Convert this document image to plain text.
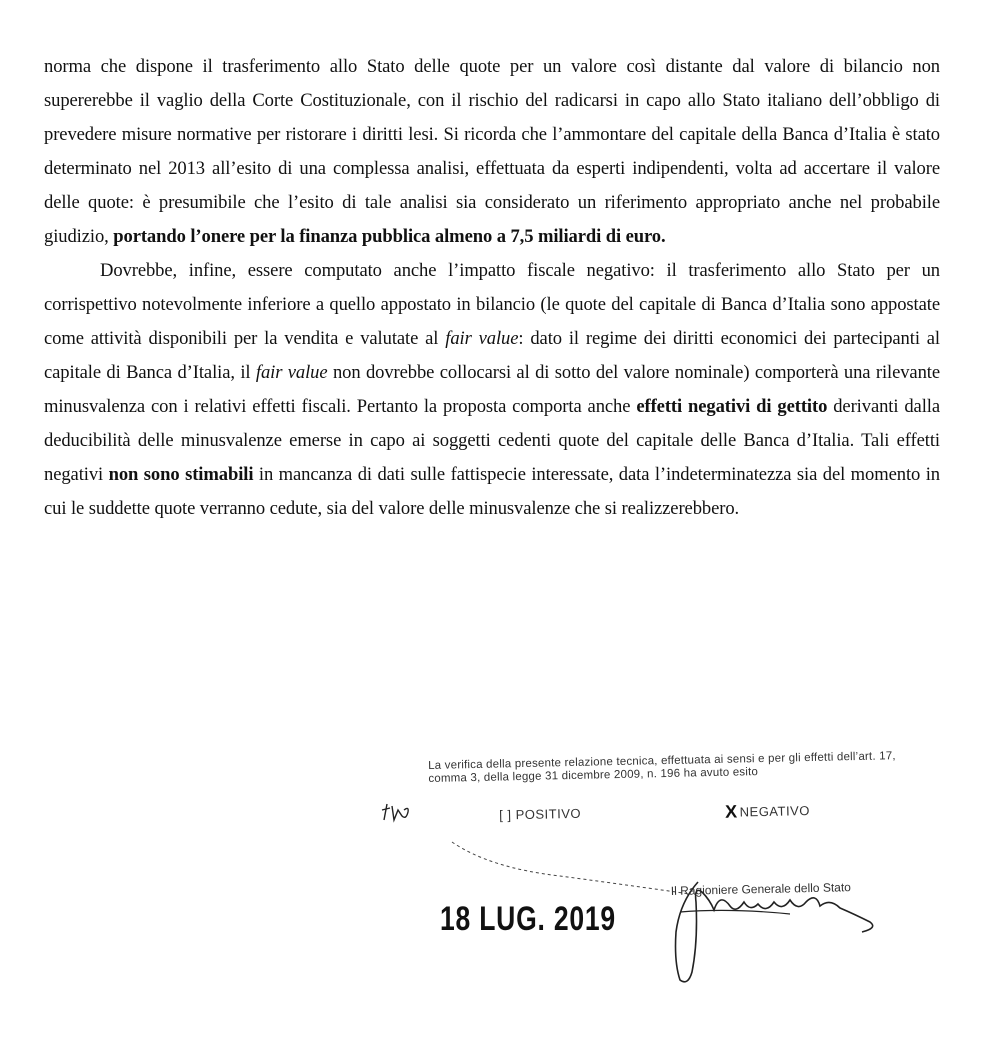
norma che dispone il trasferimento allo Stato delle quote per un valore così distante dal valore di bilancio non supererebbe il vaglio della Corte Costituzionale, con il rischio del radicarsi in capo allo Stato italiano dell’obbligo di prevedere misure normative per ristorare i diritti lesi. Si ricorda che l’ammontare del capitale della Banca d’Italia è stato determinato nel 2013 all’esito di una complessa analisi, effettuata da esperti indipendenti, volta ad accertare il valore delle quote: è presumibile che l’esito di tale analisi sia considerato un riferimento appropriato anche nel probabile giudizio, portando l’onere per la finanza pubblica almeno a 7,5 miliardi di euro.

Dovrebbe, infine, essere computato anche l’impatto fiscale negativo: il trasferimento allo Stato per un corrispettivo notevolmente inferiore a quello appostato in bilancio (le quote del capitale di Banca d’Italia sono appostate come attività disponibili per la vendita e valutate al fair value: dato il regime dei diritti economici dei partecipanti al capitale di Banca d’Italia, il fair value non dovrebbe collocarsi al di sotto del valore nominale) comporterà una rilevante minusvalenza con i relativi effetti fiscali. Pertanto la proposta comporta anche effetti negativi di gettito derivanti dalla deducibilità delle minusvalenze emerse in capo ai soggetti cedenti quote del capitale delle Banca d’Italia. Tali effetti negativi non sono stimabili in mancanza di dati sulle fattispecie interessate, data l’indeterminatezza sia del momento in cui le suddette quote verranno cedute, sia del valore delle minusvalenze che si realizzerebbero.

La verifica della presente relazione tecnica, effettuata ai sensi e per gli effetti dell’art. 17, comma 3, della legge 31 dicembre 2009, n. 196 ha avuto esito
[ ] POSITIVO	X NEGATIVO
Il Ragioniere Generale dello Stato
18 LUG. 2019
